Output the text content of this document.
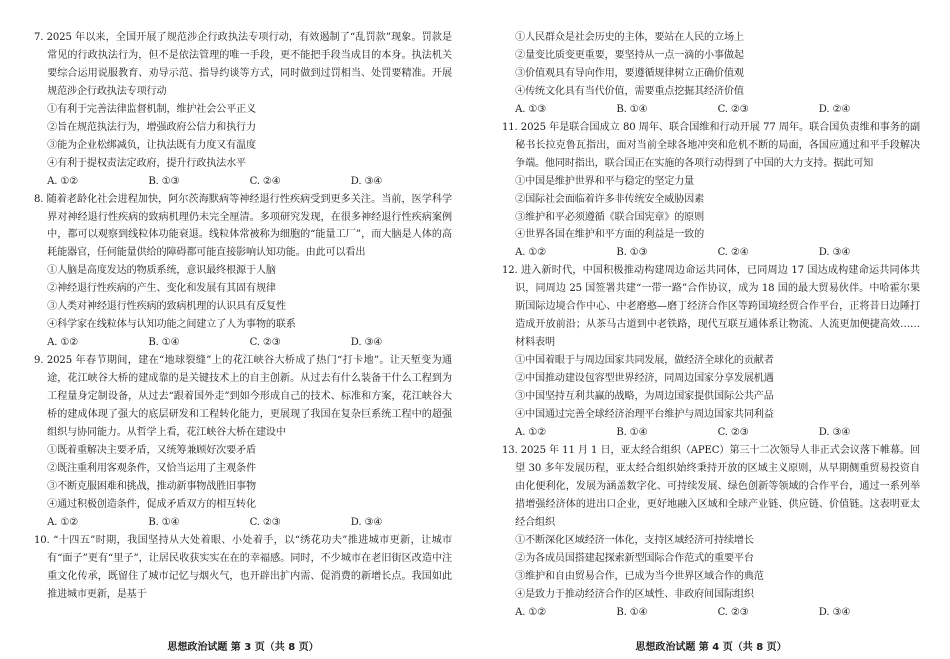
7. 2025 年以来，全国开展了规范涉企行政执法专项行动，有效遏制了“乱罚款”现象。罚款是常见的行政执法行为，但不是依法管理的唯一手段，更不能把手段当成目的本身。执法机关要综合运用说服教育、劝导示范、指导约谈等方式，同时做到过罚相当、处罚要精准。开展规范涉企行政执法专项行动

①有利于完善法律监督机制，维护社会公平正义
②旨在规范执法行为，增强政府公信力和执行力
③能为企业松绑减负，让执法既有力度又有温度
④有利于提权责法定政府，提升行政执法水平
A. ①②	B. ①③	C. ②④	D. ③④

8. 随着老龄化社会进程加快，阿尔茨海默病等神经退行性疾病受到更多关注。当前，医学科学界对神经退行性疾病的致病机理仍未完全厘清。多项研究发现，在很多神经退行性疾病案例中，都可以观察到线粒体功能衰退。线粒体常被称为细胞的“能量工厂”，而大脑是人体的高耗能器官，任何能量供给的障碍都可能直接影响认知功能。由此可以看出

①人脑是高度发达的物质系统，意识最终根源于人脑
②神经退行性疾病的产生、变化和发展有其固有规律
③人类对神经退行性疾病的致病机理的认识具有反复性
④科学家在线粒体与认知功能之间建立了人为事物的联系
A. ①②	B. ①④	C. ②③	D. ③④

9. 2025 年春节期间，建在“地球裂缝”上的花江峡谷大桥成了热门“打卡地”。让天堑变为通途，花江峡谷大桥的建成靠的是关键技术上的自主创新。从过去有什么装备干什么工程到为工程量身定制设备，从过去“跟着国外走”到如今形成自己的技术、标准和方案，花江峡谷大桥的建成体现了强大的底层研发和工程转化能力，更展现了我国在复杂巨系统工程中的超强组织与协同能力。从哲学上看，花江峡谷大桥在建设中

①既着重解决主要矛盾，又统筹兼顾好次要矛盾
②既注重利用客观条件，又恰当运用了主观条件
③不断克服困难和挑战，推动新事物战胜旧事物
④通过积极创造条件，促成矛盾双方的相互转化
A. ①②	B. ①④	C. ②③	D. ③④

10. “十四五”时期，我国坚持从大处着眼、小处着手，以“绣花功夫”推进城市更新，让城市有“面子”更有“里子”，让居民收获实实在在的幸福感。同时，不少城市在老旧街区改造中注重文化传承，既留住了城市记忆与烟火气，也开辟出扩内需、促消费的新增长点。我国如此推进城市更新，是基于

①人民群众是社会历史的主体，要站在人民的立场上
②量变比质变更重要，要坚持从一点一滴的小事做起
③价值观具有导向作用，要遵循规律树立正确价值观
④传统文化具有当代价值，需要重点挖掘其经济价值
A. ①③	B. ①④	C. ②③	D. ②④

11. 2025 年是联合国成立 80 周年、联合国维和行动开展 77 周年。联合国负责维和事务的副秘书长拉克鲁瓦指出，面对当前全球各地冲突和危机不断的局面，各国应通过和平手段解决争端。他同时指出，联合国正在实施的各项行动得到了中国的大力支持。据此可知

①中国是维护世界和平与稳定的坚定力量
②国际社会面临着许多非传统安全威胁因素
③维护和平必须遵循《联合国宪章》的原则
④世界各国在维护和平方面的利益是一致的
A. ①②	B. ①③	C. ②④	D. ③④

12. 进入新时代，中国积极推动构建周边命运共同体，已同周边 17 国达成构建命运共同体共识，同周边 25 国签署共建“一带一路”合作协议，成为 18 国的最大贸易伙伴。中哈霍尔果斯国际边境合作中心、中老磨憨—磨丁经济合作区等跨国境经贸合作平台，正将昔日边陲打造成开放前沿；从茶马古道到中老铁路，现代互联互通体系让物流、人流更加便捷高效……材料表明

①中国着眼于与周边国家共同发展，做经济全球化的贡献者
②中国推动建设包容型世界经济，同周边国家分享发展机遇
③中国坚持互利共赢的战略，为周边国家提供国际公共产品
④中国通过完善全球经济治理平台维护与周边国家共同利益
A. ①②	B. ①④	C. ②③	D. ③④

13. 2025 年 11 月 1 日，亚太经合组织（APEC）第三十二次领导人非正式会议落下帷幕。回望 30 多年发展历程，亚太经合组织始终秉持开放的区域主义原则，从早期侧重贸易投资自由化便利化，发展为涵盖数字化、可持续发展、绿色创新等领域的合作平台，通过一系列举措增强经济体的进出口企业，更好地融入区域和全球产业链、供应链、价值链。这表明亚太经合组织

①不断深化区域经济一体化，支持区域经济可持续增长
②为各成员国搭建起探索新型国际合作范式的重要平台
③维护和自由贸易合作，已成为当今世界区域合作的典范
④是致力于推动经济合作的区域性、非政府间国际组织
A. ①②	B. ①④	C. ②③	D. ③④
思想政治试题 第 3 页（共 8 页）	思想政治试题 第 4 页（共 8 页）
